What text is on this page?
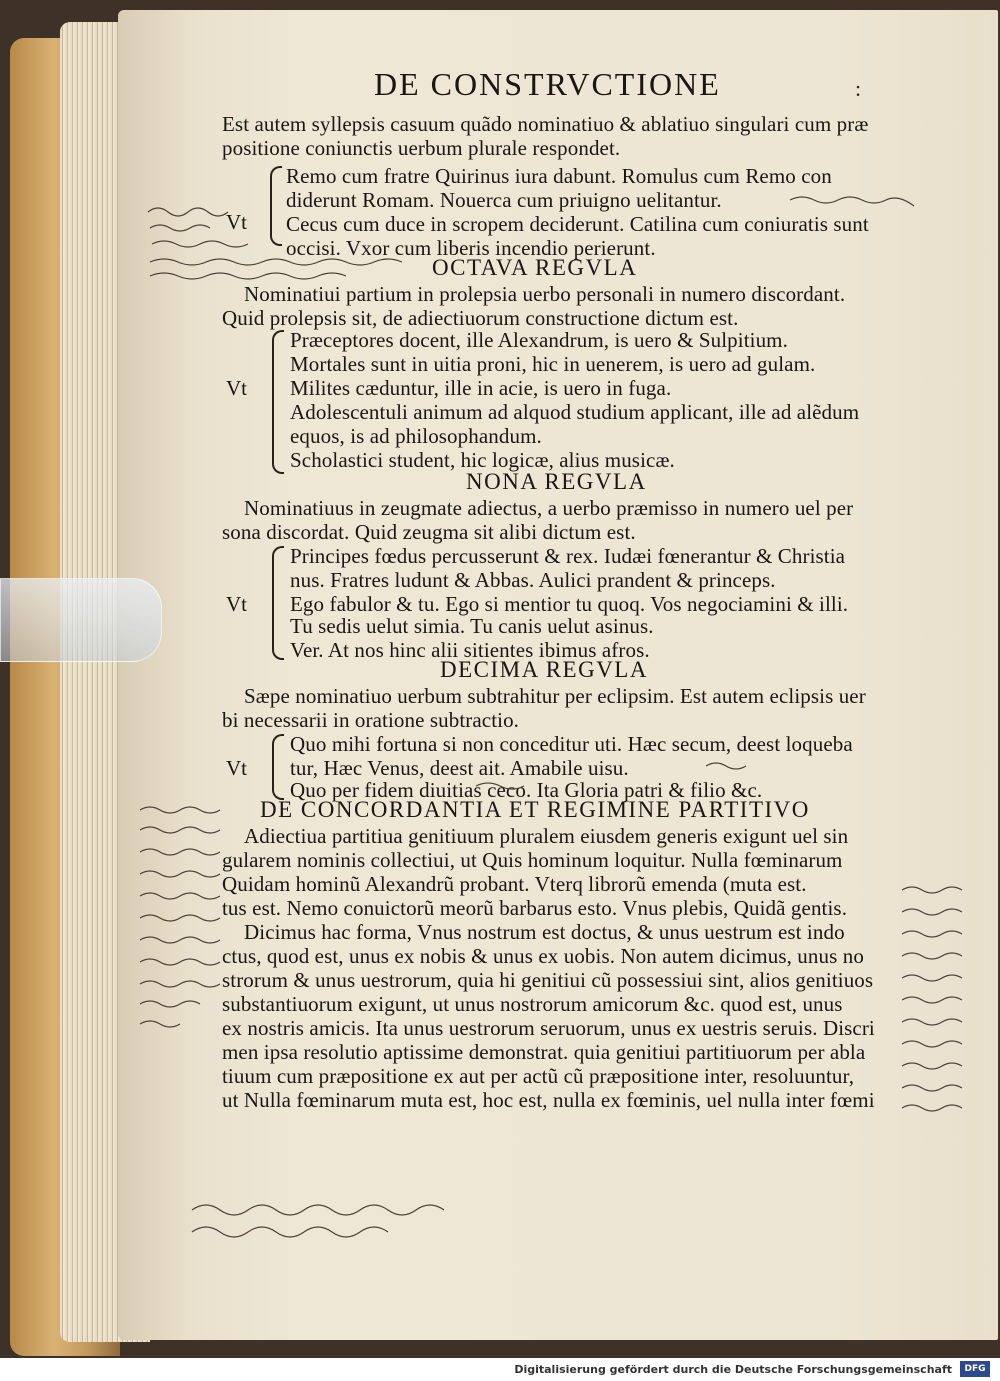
DE CONSTRVCTIONE	:
Est autem syllepsis casuum quãdo nominatiuo & ablatiuo singulari cum præ
positione coniunctis uerbum plurale respondet.
Remo cum fratre Quirinus iura dabunt. Romulus cum Remo con
diderunt Romam. Nouerca cum priuigno uelitantur.
Vt Cecus cum duce in scropem deciderunt. Catilina cum coniuratis sunt
occisi. Vxor cum liberis incendio perierunt.
OCTAVA REGVLA
Nominatiui partium in prolepsia uerbo personali in numero discordant.
Quid prolepsis sit, de adiectiuorum constructione dictum est.
Præceptores docent, ille Alexandrum, is uero & Sulpitium.
Mortales sunt in uitia proni, hic in uenerem, is uero ad gulam.
Vt Milites cæduntur, ille in acie, is uero in fuga.
Adolescentuli animum ad alquod studium applicant, ille ad alẽdum
equos, is ad philosophandum.
Scholastici student, hic logicæ, alius musicæ.
NONA REGVLA
Nominatiuus in zeugmate adiectus, a uerbo præmisso in numero uel per
sona discordat. Quid zeugma sit alibi dictum est.
Principes fœdus percusserunt & rex. Iudæi fœnerantur & Christia
nus. Fratres ludunt & Abbas. Aulici prandent & princeps.
Vt Ego fabulor & tu. Ego si mentior tu quoq. Vos negociamini & illi.
Tu sedis uelut simia. Tu canis uelut asinus.
Ver. At nos hinc alii sitientes ibimus afros.
DECIMA REGVLA
Sæpe nominatiuo uerbum subtrahitur per eclipsim. Est autem eclipsis uer
bi necessarii in oratione subtractio.
Quo mihi fortuna si non conceditur uti. Hæc secum, deest loqueba
Vt tur, Hæc Venus, deest ait. Amabile uisu.
Quo per fidem diuitias ceco. Ita Gloria patri & filio &c.
DE CONCORDANTIA ET REGIMINE PARTITIVO
Adiectiua partitiua genitiuum pluralem eiusdem generis exigunt uel sin
gularem nominis collectiui, ut Quis hominum loquitur. Nulla fœminarum
Quidam hominũ Alexandrũ probant. Vterq librorũ emenda (muta est.
tus est. Nemo conuictorũ meorũ barbarus esto. Vnus plebis, Quidã gentis.
Dicimus hac forma, Vnus nostrum est doctus, & unus uestrum est indo
ctus, quod est, unus ex nobis & unus ex uobis. Non autem dicimus, unus no
strorum & unus uestrorum, quia hi genitiui cũ possessiui sint, alios genitiuos
substantiuorum exigunt, ut unus nostrorum amicorum &c. quod est, unus
ex nostris amicis. Ita unus uestrorum seruorum, unus ex uestris seruis. Discri
men ipsa resolutio aptissime demonstrat. quia genitiui partitiuorum per abla
tiuum cum præpositione ex aut per actũ cũ præpositione inter, resoluuntur,
ut Nulla fœminarum muta est, hoc est, nulla ex fœminis, uel nulla inter fœmi
Digitalisierung gefördert durch die Deutsche Forschungsgemeinschaft	DFG
